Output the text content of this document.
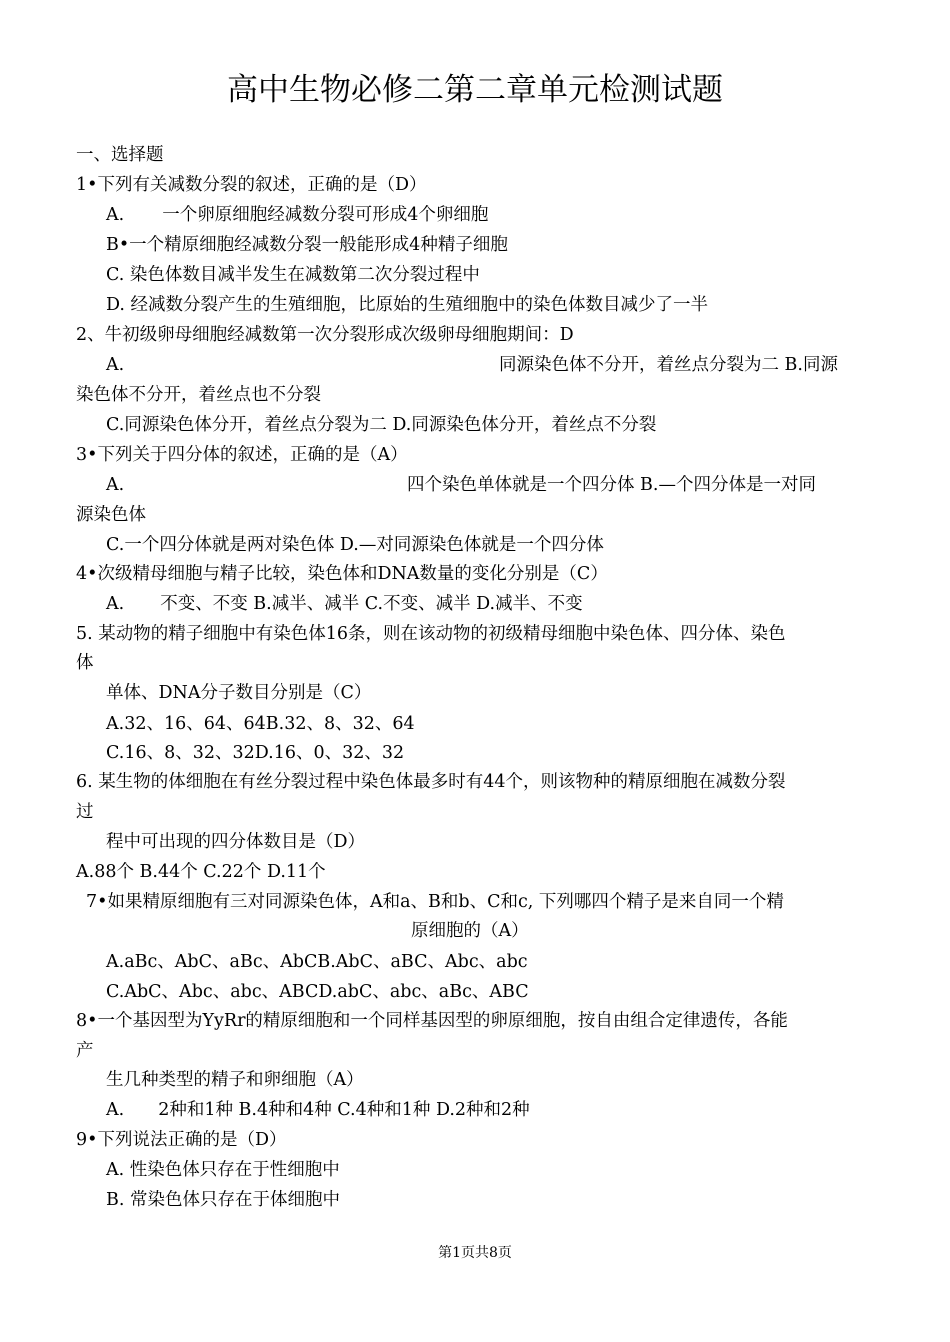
高中生物必修二第二章单元检测试题
一、选择题
1•下列有关减数分裂的叙述，正确的是（D）
A. 一个卵原细胞经减数分裂可形成4个卵细胞
B•一个精原细胞经减数分裂一般能形成4种精子细胞
C. 染色体数目减半发生在减数第二次分裂过程中
D. 经减数分裂产生的生殖细胞，比原始的生殖细胞中的染色体数目减少了一半
2、牛初级卵母细胞经减数第一次分裂形成次级卵母细胞期间：D
A.	同源染色体不分开，着丝点分裂为二 B.同源
染色体不分开，着丝点也不分裂
C.同源染色体分开，着丝点分裂为二 D.同源染色体分开，着丝点不分裂
3•下列关于四分体的叙述，正确的是（A）
A.	四个染色单体就是一个四分体 B.—个四分体是一对同
源染色体
C.一个四分体就是两对染色体 D.—对同源染色体就是一个四分体
4•次级精母细胞与精子比较，染色体和DNA数量的变化分别是（C）
A. 不变、不变 B.减半、减半 C.不变、减半 D.减半、不变
5. 某动物的精子细胞中有染色体16条，则在该动物的初级精母细胞中染色体、四分体、染色
体
单体、DNA分子数目分别是（C）
A.32、16、64、64B.32、8、32、64
C.16、8、32、32D.16、0、32、32
6. 某生物的体细胞在有丝分裂过程中染色体最多时有44个，则该物种的精原细胞在减数分裂
过
程中可出现的四分体数目是（D）
A.88个 B.44个 C.22个 D.11个
7•如果精原细胞有三对同源染色体，A和a、B和b、C和c, 下列哪四个精子是来自同一个精
原细胞的（A）
A.aBc、AbC、aBc、AbCB.AbC、aBC、Abc、abc
C.AbC、Abc、abc、ABCD.abC、abc、aBc、ABC
8•一个基因型为YyRr的精原细胞和一个同样基因型的卵原细胞，按自由组合定律遗传，各能
产
生几种类型的精子和卵细胞（A）
A. 2种和1种 B.4种和4种 C.4种和1种 D.2种和2种
9•下列说法正确的是（D）
A. 性染色体只存在于性细胞中
B. 常染色体只存在于体细胞中
第1页共8页
